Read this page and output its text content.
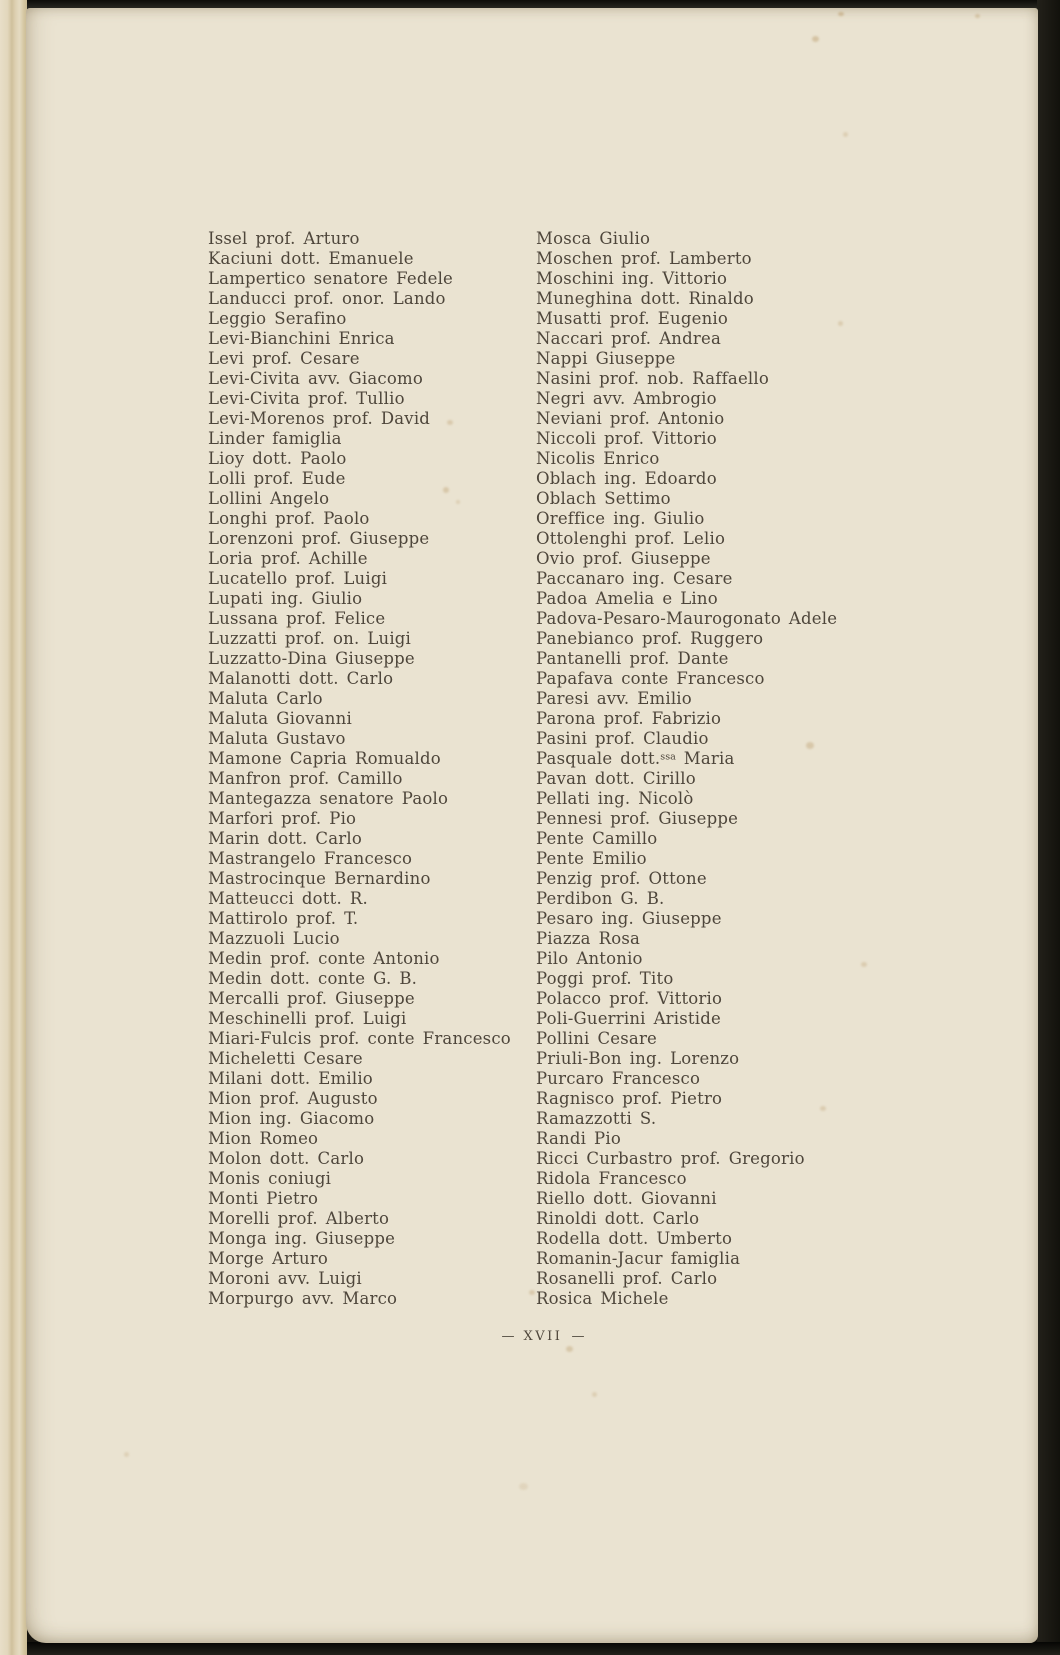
Issel prof. Arturo
Kaciuni dott. Emanuele
Lampertico senatore Fedele
Landucci prof. onor. Lando
Leggio Serafino
Levi-Bianchini Enrica
Levi prof. Cesare
Levi-Civita avv. Giacomo
Levi-Civita prof. Tullio
Levi-Morenos prof. David
Linder famiglia
Lioy dott. Paolo
Lolli prof. Eude
Lollini Angelo
Longhi prof. Paolo
Lorenzoni prof. Giuseppe
Loria prof. Achille
Lucatello prof. Luigi
Lupati ing. Giulio
Lussana prof. Felice
Luzzatti prof. on. Luigi
Luzzatto-Dina Giuseppe
Malanotti dott. Carlo
Maluta Carlo
Maluta Giovanni
Maluta Gustavo
Mamone Capria Romualdo
Manfron prof. Camillo
Mantegazza senatore Paolo
Marfori prof. Pio
Marin dott. Carlo
Mastrangelo Francesco
Mastrocinque Bernardino
Matteucci dott. R.
Mattirolo prof. T.
Mazzuoli Lucio
Medin prof. conte Antonio
Medin dott. conte G. B.
Mercalli prof. Giuseppe
Meschinelli prof. Luigi
Miari-Fulcis prof. conte Francesco
Micheletti Cesare
Milani dott. Emilio
Mion prof. Augusto
Mion ing. Giacomo
Mion Romeo
Molon dott. Carlo
Monis coniugi
Monti Pietro
Morelli prof. Alberto
Monga ing. Giuseppe
Morge Arturo
Moroni avv. Luigi
Morpurgo avv. Marco
Mosca Giulio
Moschen prof. Lamberto
Moschini ing. Vittorio
Muneghina dott. Rinaldo
Musatti prof. Eugenio
Naccari prof. Andrea
Nappi Giuseppe
Nasini prof. nob. Raffaello
Negri avv. Ambrogio
Neviani prof. Antonio
Niccoli prof. Vittorio
Nicolis Enrico
Oblach ing. Edoardo
Oblach Settimo
Oreffice ing. Giulio
Ottolenghi prof. Lelio
Ovio prof. Giuseppe
Paccanaro ing. Cesare
Padoa Amelia e Lino
Padova-Pesaro-Maurogonato Adele
Panebianco prof. Ruggero
Pantanelli prof. Dante
Papafava conte Francesco
Paresi avv. Emilio
Parona prof. Fabrizio
Pasini prof. Claudio
Pasquale dott.$^{ssa}$ Maria
Pavan dott. Cirillo
Pellati ing. Nicolò
Pennesi prof. Giuseppe
Pente Camillo
Pente Emilio
Penzig prof. Ottone
Perdibon G. B.
Pesaro ing. Giuseppe
Piazza Rosa
Pilo Antonio
Poggi prof. Tito
Polacco prof. Vittorio
Poli-Guerrini Aristide
Pollini Cesare
Priuli-Bon ing. Lorenzo
Purcaro Francesco
Ragnisco prof. Pietro
Ramazzotti S.
Randi Pio
Ricci Curbastro prof. Gregorio
Ridola Francesco
Riello dott. Giovanni
Rinoldi dott. Carlo
Rodella dott. Umberto
Romanin-Jacur famiglia
Rosanelli prof. Carlo
Rosica Michele
— XVII —
